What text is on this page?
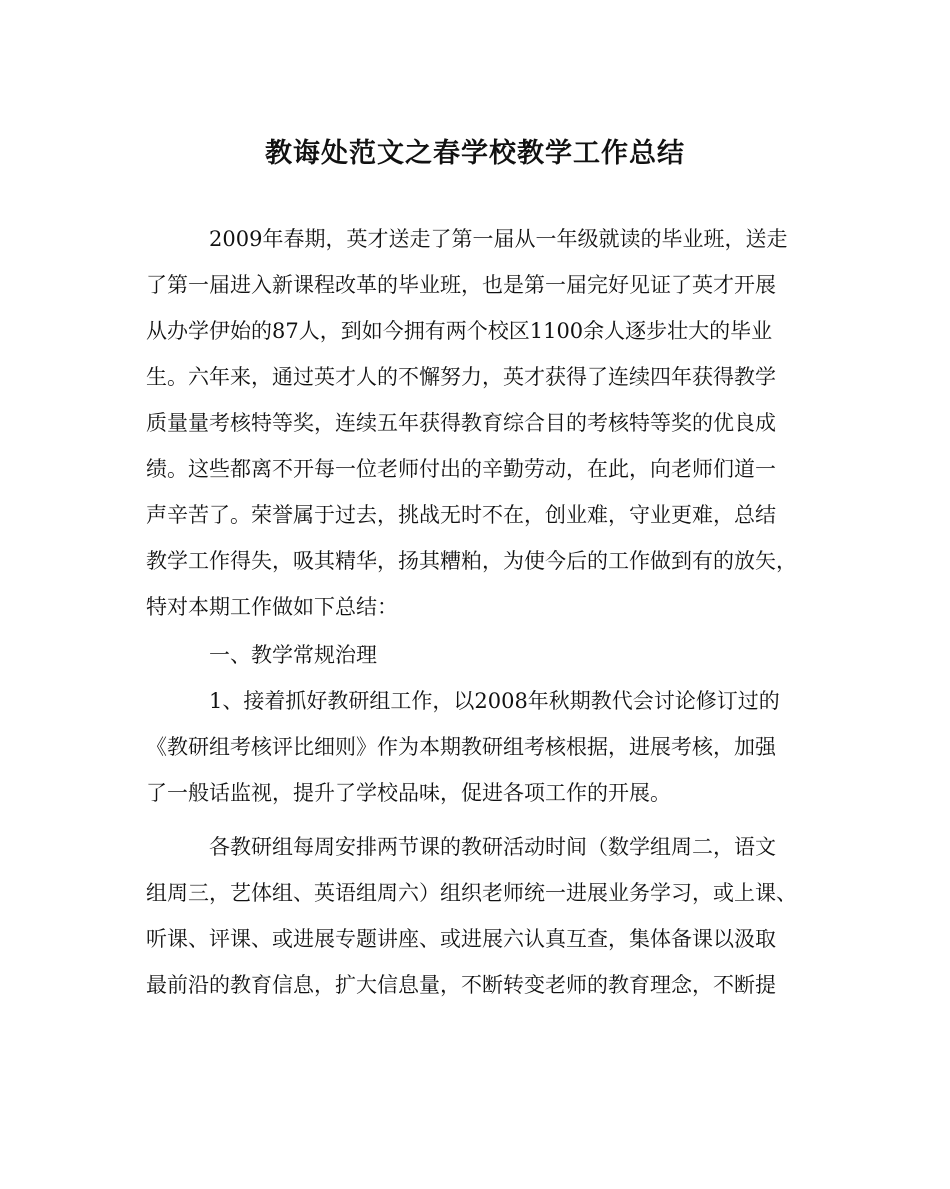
教诲处范文之春学校教学工作总结
2009年春期，英才送走了第一届从一年级就读的毕业班，送走
了第一届进入新课程改革的毕业班，也是第一届完好见证了英才开展
从办学伊始的87人，到如今拥有两个校区1100余人逐步壮大的毕业
生。六年来，通过英才人的不懈努力，英才获得了连续四年获得教学
质量量考核特等奖，连续五年获得教育综合目的考核特等奖的优良成
绩。这些都离不开每一位老师付出的辛勤劳动，在此，向老师们道一
声辛苦了。荣誉属于过去，挑战无时不在，创业难，守业更难，总结
教学工作得失，吸其精华，扬其糟粕，为使今后的工作做到有的放矢，
特对本期工作做如下总结：
一、教学常规治理
1、接着抓好教研组工作，以2008年秋期教代会讨论修订过的
《教研组考核评比细则》作为本期教研组考核根据，进展考核，加强
了一般话监视，提升了学校品味，促进各项工作的开展。
各教研组每周安排两节课的教研活动时间（数学组周二，语文
组周三，艺体组、英语组周六）组织老师统一进展业务学习，或上课、
听课、评课、或进展专题讲座、或进展六认真互查，集体备课以汲取
最前沿的教育信息，扩大信息量，不断转变老师的教育理念，不断提
